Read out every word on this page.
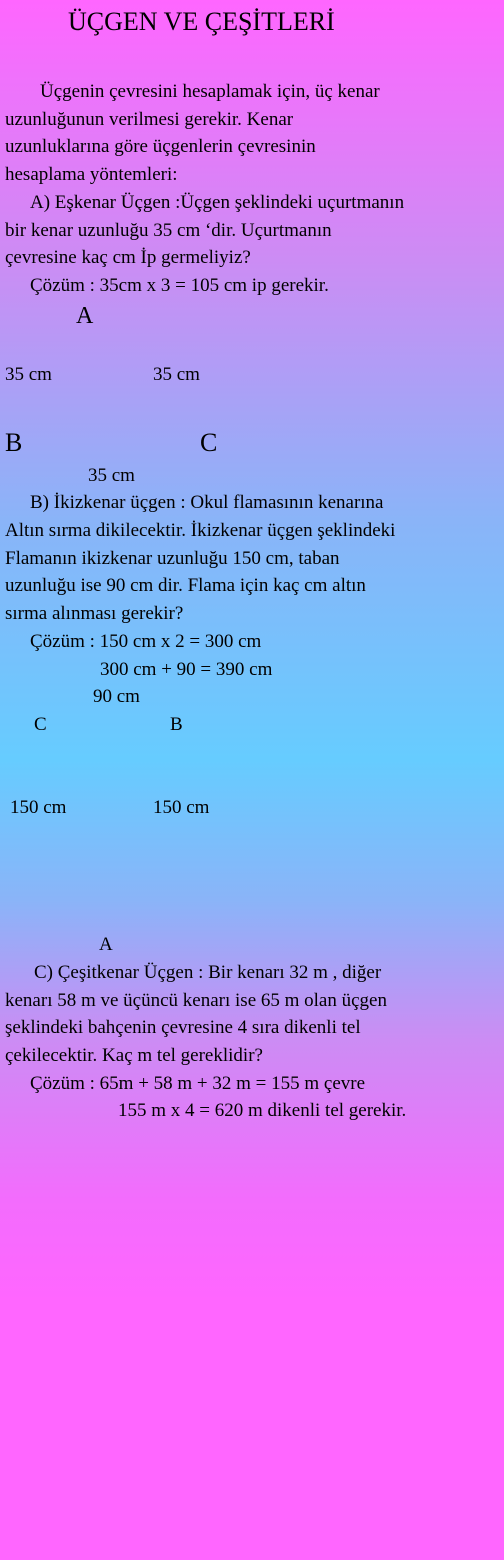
ÜÇGEN VE ÇEŞİTLERİ
Üçgenin çevresini hesaplamak için, üç kenar
uzunluğunun verilmesi gerekir. Kenar
uzunluklarına göre üçgenlerin çevresinin
hesaplama yöntemleri:
A) Eşkenar Üçgen :Üçgen şeklindeki uçurtmanın
bir kenar uzunluğu 35 cm ‘dir. Uçurtmanın
çevresine kaç cm İp germeliyiz?
Çözüm : 35cm x 3 = 105 cm ip gerekir.
A
35 cm	35 cm
B	C
35 cm
B) İkizkenar üçgen : Okul flamasının kenarına
Altın sırma dikilecektir. İkizkenar üçgen şeklindeki
Flamanın ikizkenar uzunluğu 150 cm, taban
uzunluğu ise 90 cm dir. Flama için kaç cm altın
sırma alınması gerekir?
Çözüm : 150 cm x 2 = 300 cm
300 cm + 90 = 390 cm
90 cm
C	B
150 cm	150 cm
A
C) Çeşitkenar Üçgen : Bir kenarı 32 m , diğer
kenarı 58 m ve üçüncü kenarı ise 65 m olan üçgen
şeklindeki bahçenin çevresine 4 sıra dikenli tel
çekilecektir. Kaç m tel gereklidir?
Çözüm : 65m + 58 m + 32 m = 155 m çevre
155 m x 4 = 620 m dikenli tel gerekir.
